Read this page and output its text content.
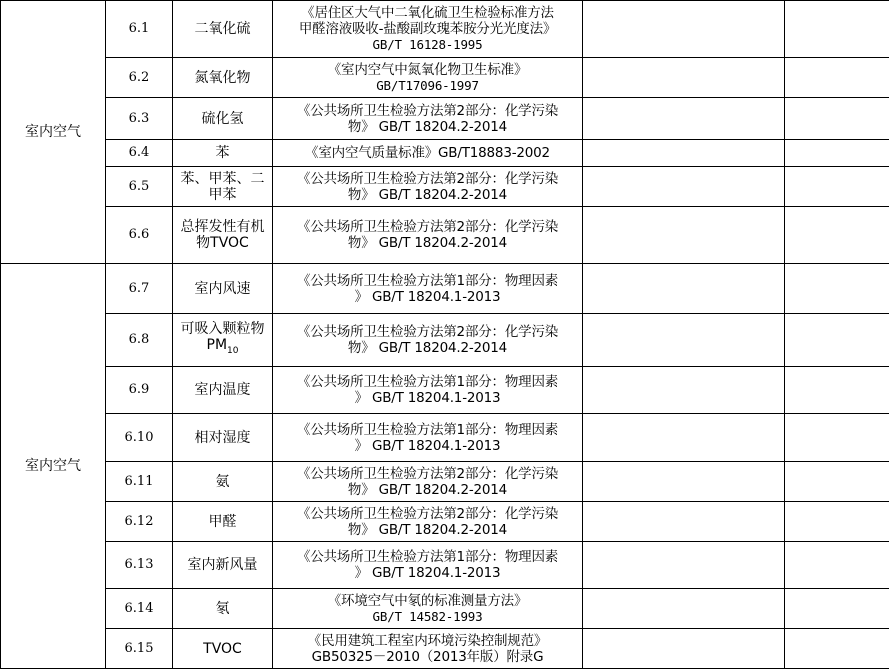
室内空气	6.1	二氧化硫	《居住区大气中二氧化硫卫生检验标准方法
甲醛溶液吸收-盐酸副玫瑰苯胺分光光度法》
GB/T 16128-1995		

	6.2	氮氧化物	《室内空气中氮氧化物卫生标准》
GB/T17096-1997		

	6.3	硫化氢	《公共场所卫生检验方法第2部分：化学污染
物》 GB/T 18204.2-2014		

	6.4	苯	《室内空气质量标准》GB/T18883-2002		

	6.5	苯、甲苯、二
甲苯	《公共场所卫生检验方法第2部分：化学污染
物》 GB/T 18204.2-2014		

	6.6	总挥发性有机
物TVOC	《公共场所卫生检验方法第2部分：化学污染
物》 GB/T 18204.2-2014		

室内空气	6.7	室内风速	《公共场所卫生检验方法第1部分：物理因素
》 GB/T 18204.1-2013		

	6.8	可吸入颗粒物
$PM_{10}$	《公共场所卫生检验方法第2部分：化学污染
物》 GB/T 18204.2-2014		

	6.9	室内温度	《公共场所卫生检验方法第1部分：物理因素
》 GB/T 18204.1-2013		

	6.10	相对湿度	《公共场所卫生检验方法第1部分：物理因素
》 GB/T 18204.1-2013		

	6.11	氨	《公共场所卫生检验方法第2部分：化学污染
物》 GB/T 18204.2-2014		

	6.12	甲醛	《公共场所卫生检验方法第2部分：化学污染
物》 GB/T 18204.2-2014		

	6.13	室内新风量	《公共场所卫生检验方法第1部分：物理因素
》 GB/T 18204.1-2013		

	6.14	氡	《环境空气中氡的标准测量方法》
GB/T 14582-1993		

	6.15	TVOC	《民用建筑工程室内环境污染控制规范》
GB50325－2010（2013年版）附录G		
